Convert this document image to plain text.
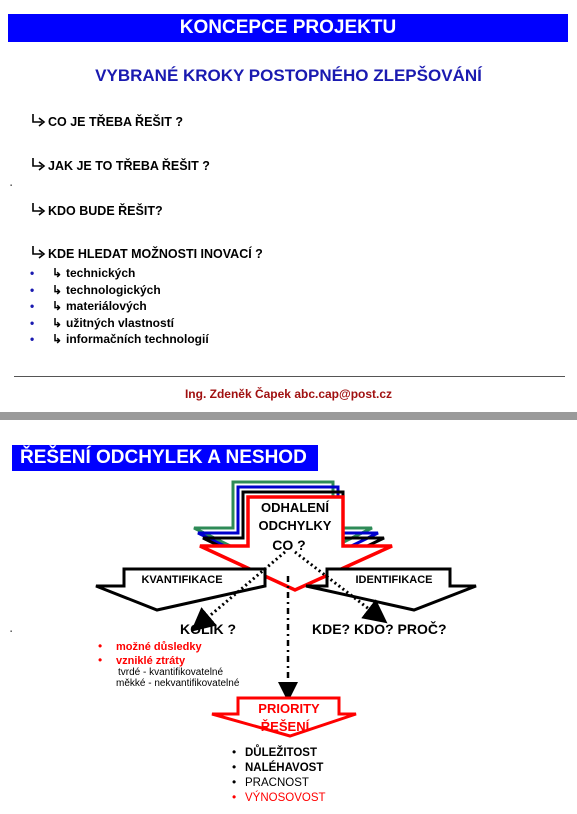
KONCEPCE PROJEKTU
VYBRANÉ KROKY POSTOPNÉHO ZLEPŠOVÁNÍ
CO JE TŘEBA ŘEŠIT ?
JAK JE TO TŘEBA ŘEŠIT ?
▪
KDO BUDE ŘEŠIT?
KDE HLEDAT MOŽNOSTI INOVACÍ ?
• ↳ technických
• ↳ technologických
• ↳ materiálových
• ↳ užitných vlastností
• ↳ informačních technologií
Ing. Zdeněk Čapek abc.cap@post.cz
ŘEŠENÍ ODCHYLEK A NESHOD
ODHALENÍ
ODCHYLKY
CO ?
KVANTIFIKACE	IDENTIFIKACE
KOLIK ?	KDE? KDO? PROČ?
▪
• možné důsledky
• vzniklé ztráty
tvrdé - kvantifikovatelné
měkké - nekvantifikovatelné
PRIORITY
ŘEŠENÍ
• DŮLEŽITOST
• NALÉHAVOST
• PRACNOST
• VÝNOSOVOST
